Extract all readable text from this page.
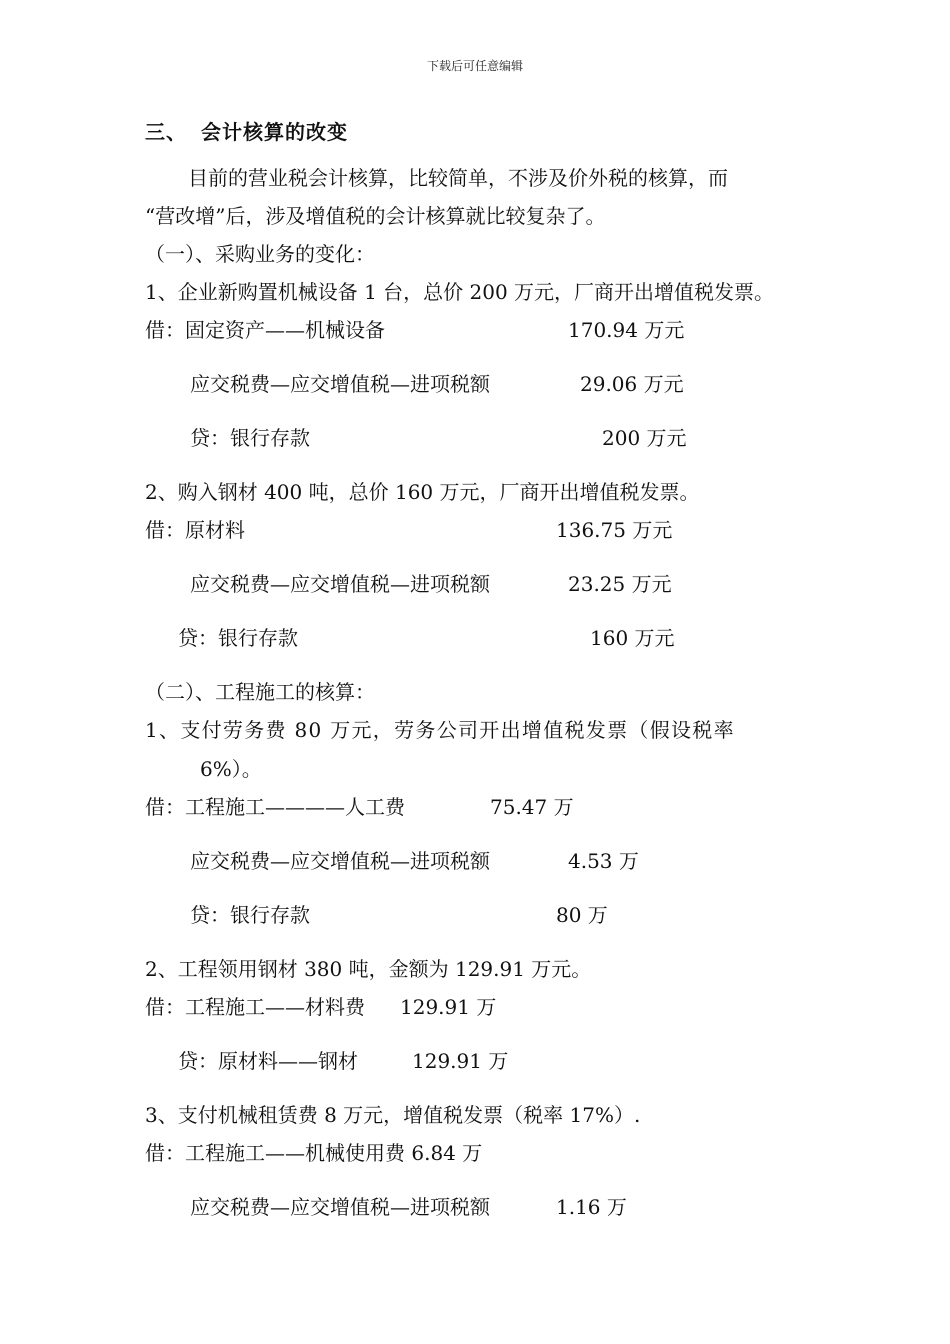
下载后可任意编辑
三、 会计核算的改变
目前的营业税会计核算，比较简单，不涉及价外税的核算，而
“营改增”后，涉及增值税的会计核算就比较复杂了。
（一）、采购业务的变化：
1、企业新购置机械设备 1 台，总价 200 万元，厂商开出增值税发票。
借：固定资产——机械设备	170.94 万元
应交税费—应交增值税—进项税额	29.06 万元
贷：银行存款	200 万元
2、购入钢材 400 吨，总价 160 万元，厂商开出增值税发票。
借：原材料	136.75 万元
应交税费—应交增值税—进项税额	23.25 万元
贷：银行存款	160 万元
（二）、工程施工的核算：
1、支付劳务费 80 万元，劳务公司开出增值税发票（假设税率
6%）。
借：工程施工————人工费	75.47 万
应交税费—应交增值税—进项税额	4.53 万
贷：银行存款	80 万
2、工程领用钢材 380 吨，金额为 129.91 万元。
借：工程施工——材料费 129.91 万
贷：原材料——钢材	129.91 万
3、支付机械租赁费 8 万元，增值税发票（税率 17%）.
借：工程施工——机械使用费 6.84 万
应交税费—应交增值税—进项税额	1.16 万
